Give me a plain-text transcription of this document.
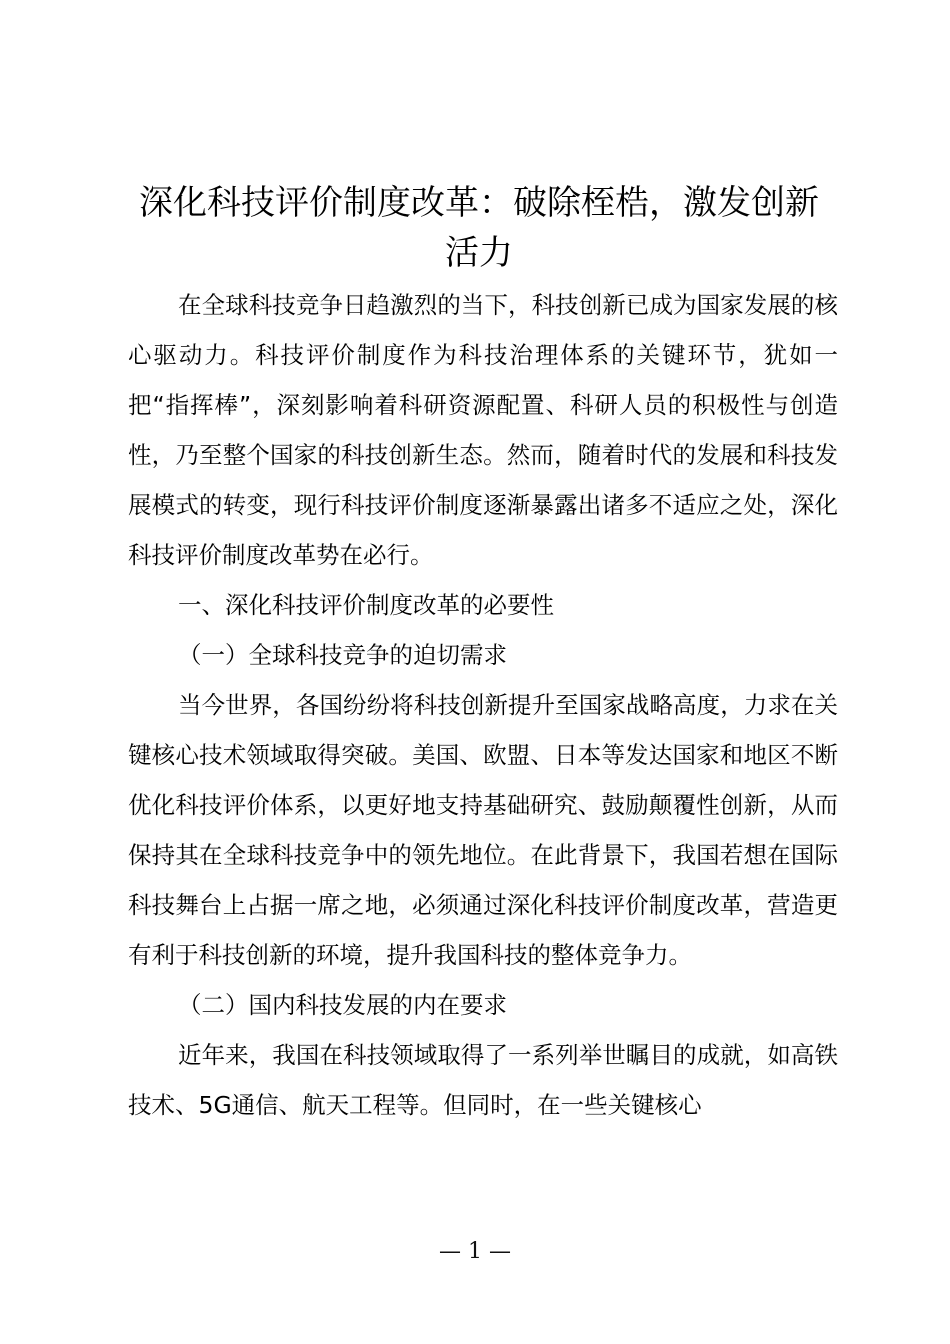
深化科技评价制度改革：破除桎梏，激发创新
活力

在全球科技竞争日趋激烈的当下，科技创新已成为国家发展的核心驱动力。科技评价制度作为科技治理体系的关键环节，犹如一把“指挥棒”，深刻影响着科研资源配置、科研人员的积极性与创造性，乃至整个国家的科技创新生态。然而，随着时代的发展和科技发展模式的转变，现行科技评价制度逐渐暴露出诸多不适应之处，深化科技评价制度改革势在必行。

一、深化科技评价制度改革的必要性

（一）全球科技竞争的迫切需求

当今世界，各国纷纷将科技创新提升至国家战略高度，力求在关键核心技术领域取得突破。美国、欧盟、日本等发达国家和地区不断优化科技评价体系，以更好地支持基础研究、鼓励颠覆性创新，从而保持其在全球科技竞争中的领先地位。在此背景下，我国若想在国际科技舞台上占据一席之地，必须通过深化科技评价制度改革，营造更有利于科技创新的环境，提升我国科技的整体竞争力。

（二）国内科技发展的内在要求

近年来，我国在科技领域取得了一系列举世瞩目的成就，如高铁技术、5G通信、航天工程等。但同时，在一些关键核心

— 1 —
